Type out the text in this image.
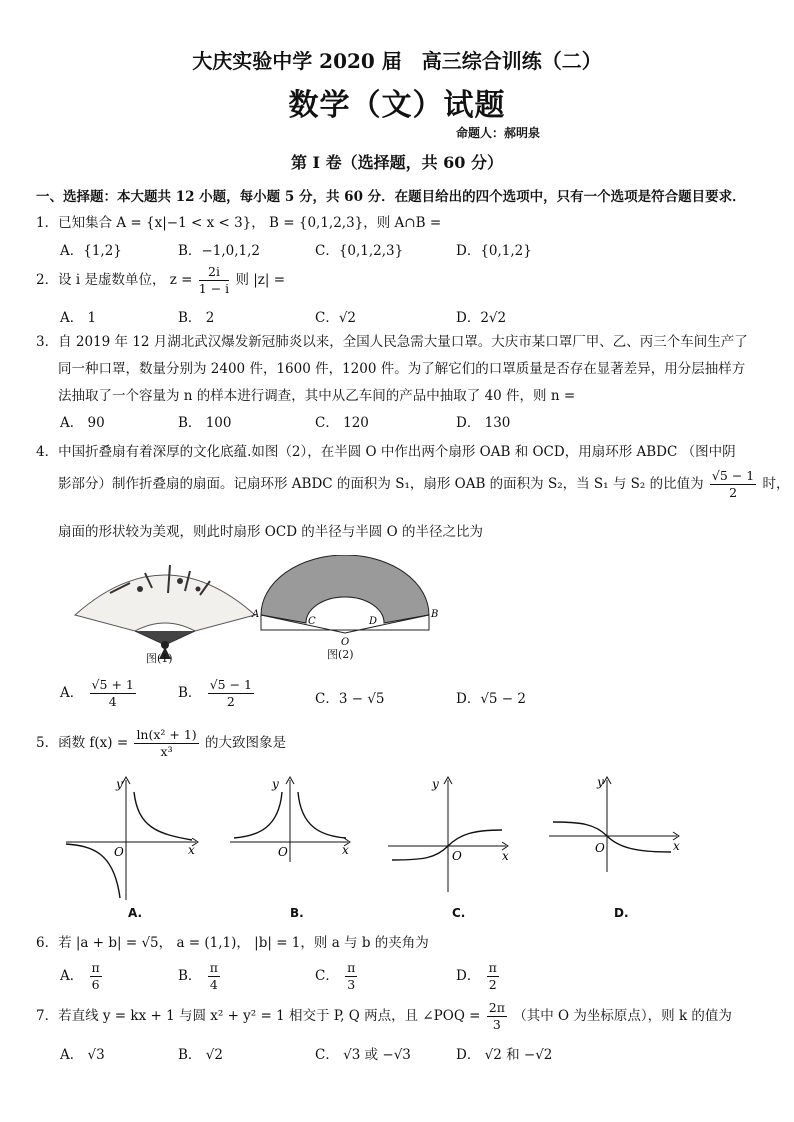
大庆实验中学 2020 届　高三综合训练（二）
数学（文）试题
命题人：郝明泉
第 I 卷（选择题，共 60 分）
一、选择题：本大题共 12 小题，每小题 5 分，共 60 分．在题目给出的四个选项中，只有一个选项是符合题目要求．
1．已知集合 A = {x|−1 < x < 3}， B = {0,1,2,3}，则 A∩B =
A．{1,2}	B．−1,0,1,2	C．{0,1,2,3}	D．{0,1,2}
2．设 i 是虚数单位， $z = \frac{2i}{1 - i}$ 则 |z| =
A． 1	B． 2	C．√2	D．2√2
3．自 2019 年 12 月湖北武汉爆发新冠肺炎以来，全国人民急需大量口罩。大庆市某口罩厂甲、乙、丙三个车间生产了
同一种口罩，数量分别为 2400 件，1600 件，1200 件。为了解它们的口罩质量是否存在显著差异，用分层抽样方
法抽取了一个容量为 n 的样本进行调查，其中从乙车间的产品中抽取了 40 件，则 n =
A． 90	B． 100	C． 120	D． 130
4．中国折叠扇有着深厚的文化底蕴.如图（2），在半圆 O 中作出两个扇形 OAB 和 OCD，用扇环形 ABDC （图中阴
影部分）制作折叠扇的扇面。记扇环形 ABDC 的面积为 S₁，扇形 OAB 的面积为 S₂，当 S₁ 与 S₂ 的比值为 $\frac{√5 - 1}{2}$ 时，
扇面的形状较为美观，则此时扇形 OCD 的半径与半圆 O 的半径之比为
图(1)
A	B
C	D
O
图(2)
A． $\frac{√5 + 1}{4}$	B． $\frac{√5 - 1}{2}$	C．3 − √5	D．√5 − 2
5．函数 $f(x) = \frac{\text{ln(x² + 1)}}{\text{x³}}$ 的大致图象是
y
x
O
A.
y
x
O
B.
y
x
O
C.
y
x
O
D.
6．若 |a + b| = √5， a = (1,1)， |b| = 1，则 a 与 b 的夹角为
A． $\frac{\pi}{6}$	B． $\frac{\pi}{4}$	C． $\frac{\pi}{3}$	D． $\frac{\pi}{2}$
7．若直线 y = kx + 1 与圆 x² + y² = 1 相交于 P, Q 两点，且 ∠POQ = $\frac{2\pi}{3}$ （其中 O 为坐标原点），则 k 的值为
A． √3	B． √2	C． √3 或 −√3	D． √2 和 −√2
